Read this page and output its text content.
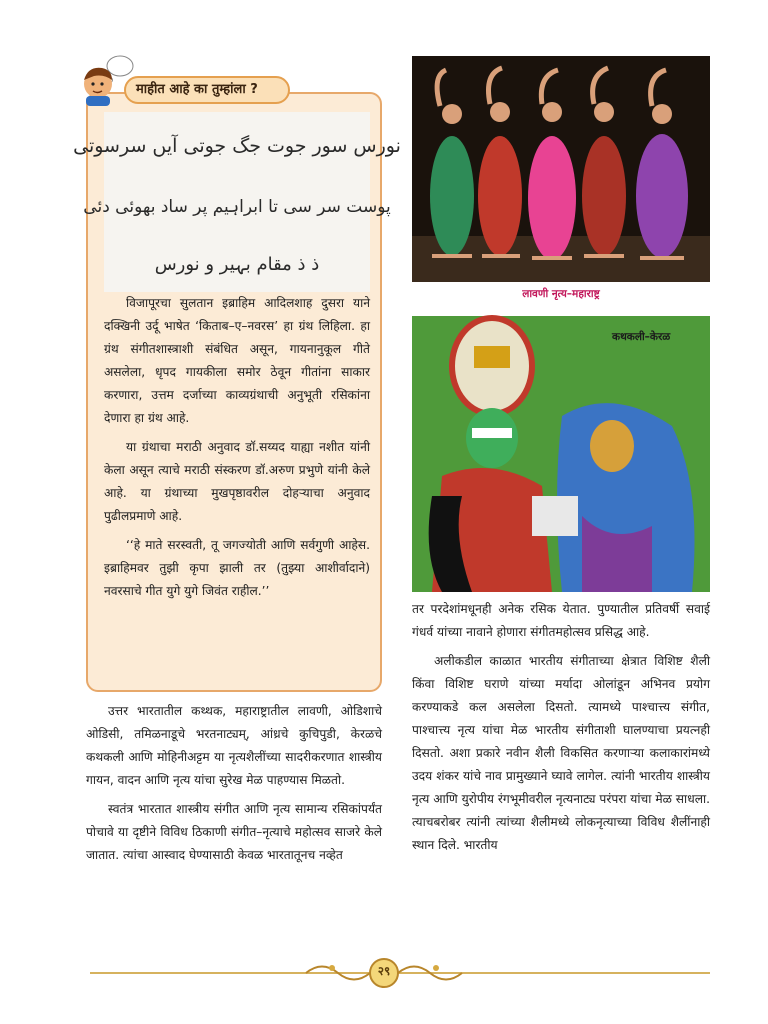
माहीत आहे का तुम्हांला ?
نورس سور جوت جگ جوتی آیں سرسوتی
پوست سر سی تا ابراہیم پر ساد بھوئی دئی
ذ ذ مقام بہیر و نورس

विजापूरचा सुलतान इब्राहिम आदिलशाह दुसरा याने दक्खिनी उर्दू भाषेत ‘किताब–ए–नवरस’ हा ग्रंथ लिहिला. हा ग्रंथ संगीतशास्त्राशी संबंधित असून, गायनानुकूल गीते असलेला, धृपद गायकीला समोर ठेवून गीतांना साकार करणारा, उत्तम दर्जाच्या काव्यग्रंथाची अनुभूती रसिकांना देणारा हा ग्रंथ आहे.

या ग्रंथाचा मराठी अनुवाद डॉ.सय्यद याह्या नशीत यांनी केला असून त्याचे मराठी संस्करण डॉ.अरुण प्रभुणे यांनी केले आहे. या ग्रंथाच्या मुखपृष्ठावरील दोहऱ्याचा अनुवाद पुढीलप्रमाणे आहे.

‘‘हे माते सरस्वती, तू जगज्योती आणि सर्वगुणी आहेस. इब्राहिमवर तुझी कृपा झाली तर (तुझ्या आशीर्वादाने) नवरसाचे गीत युगे युगे जिवंत राहील.’’

उत्तर भारतातील कथ्थक, महाराष्ट्रातील लावणी, ओडिशाचे ओडिसी, तमिळनाडूचे भरतनाट्यम्, आंध्रचे कुचिपुडी, केरळचे कथकली आणि मोहिनीअट्टम या नृत्यशैलींच्या सादरीकरणात शास्त्रीय गायन, वादन आणि नृत्य यांचा सुरेख मेळ पाहण्यास मिळतो.

स्वतंत्र भारतात शास्त्रीय संगीत आणि नृत्य सामान्य रसिकांपर्यंत पोचावे या दृष्टीने विविध ठिकाणी संगीत–नृत्याचे महोत्सव साजरे केले जातात. त्यांचा आस्वाद घेण्यासाठी केवळ भारतातूनच नव्हेत

लावणी नृत्य–महाराष्ट्र
कथकली–केरळ

तर परदेशांमधूनही अनेक रसिक येतात. पुण्यातील प्रतिवर्षी सवाई गंधर्व यांच्या नावाने होणारा संगीतमहोत्सव प्रसिद्ध आहे.

अलीकडील काळात भारतीय संगीताच्या क्षेत्रात विशिष्ट शैली किंवा विशिष्ट घराणे यांच्या मर्यादा ओलांडून अभिनव प्रयोग करण्याकडे कल असलेला दिसतो. त्यामध्ये पाश्चात्त्य संगीत, पाश्चात्त्य नृत्य यांचा मेळ भारतीय संगीताशी घालण्याचा प्रयत्नही दिसतो. अशा प्रकारे नवीन शैली विकसित करणाऱ्या कलाकारांमध्ये उदय शंकर यांचे नाव प्रामुख्याने घ्यावे लागेल. त्यांनी भारतीय शास्त्रीय नृत्य आणि युरोपीय रंगभूमीवरील नृत्यनाट्य परंपरा यांचा मेळ साधला. त्याचबरोबर त्यांनी त्यांच्या शैलीमध्ये लोकनृत्याच्या विविध शैलींनाही स्थान दिले. भारतीय

२९
